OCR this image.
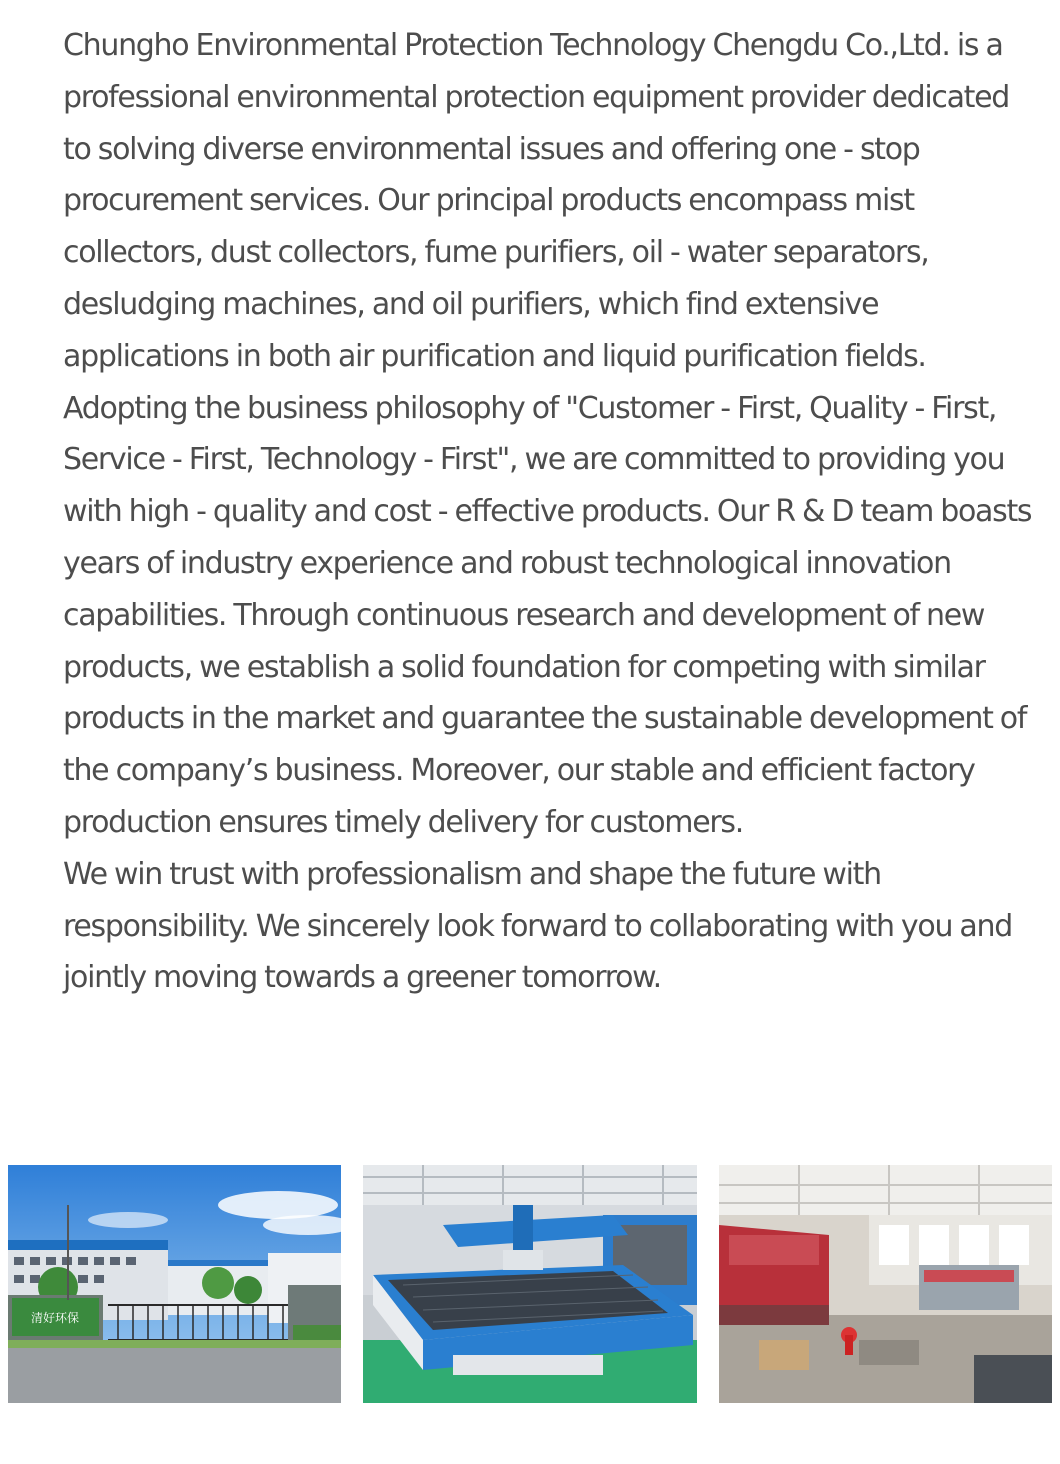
Chungho Environmental Protection Technology Chengdu Co.,Ltd. is a professional environmental protection equipment provider dedicated to solving diverse environmental issues and offering one - stop procurement services. Our principal products encompass mist collectors, dust collectors, fume purifiers, oil - water separators, desludging machines, and oil purifiers, which find extensive applications in both air purification and liquid purification fields.

Adopting the business philosophy of "Customer - First, Quality - First, Service - First, Technology - First", we are committed to providing you with high - quality and cost - effective products. Our R & D team boasts years of industry experience and robust technological innovation capabilities. Through continuous research and development of new products, we establish a solid foundation for competing with similar products in the market and guarantee the sustainable development of the company’s business. Moreover, our stable and efficient factory production ensures timely delivery for customers.

We win trust with professionalism and shape the future with responsibility. We sincerely look forward to collaborating with you and jointly moving towards a greener tomorrow.

清好环保
